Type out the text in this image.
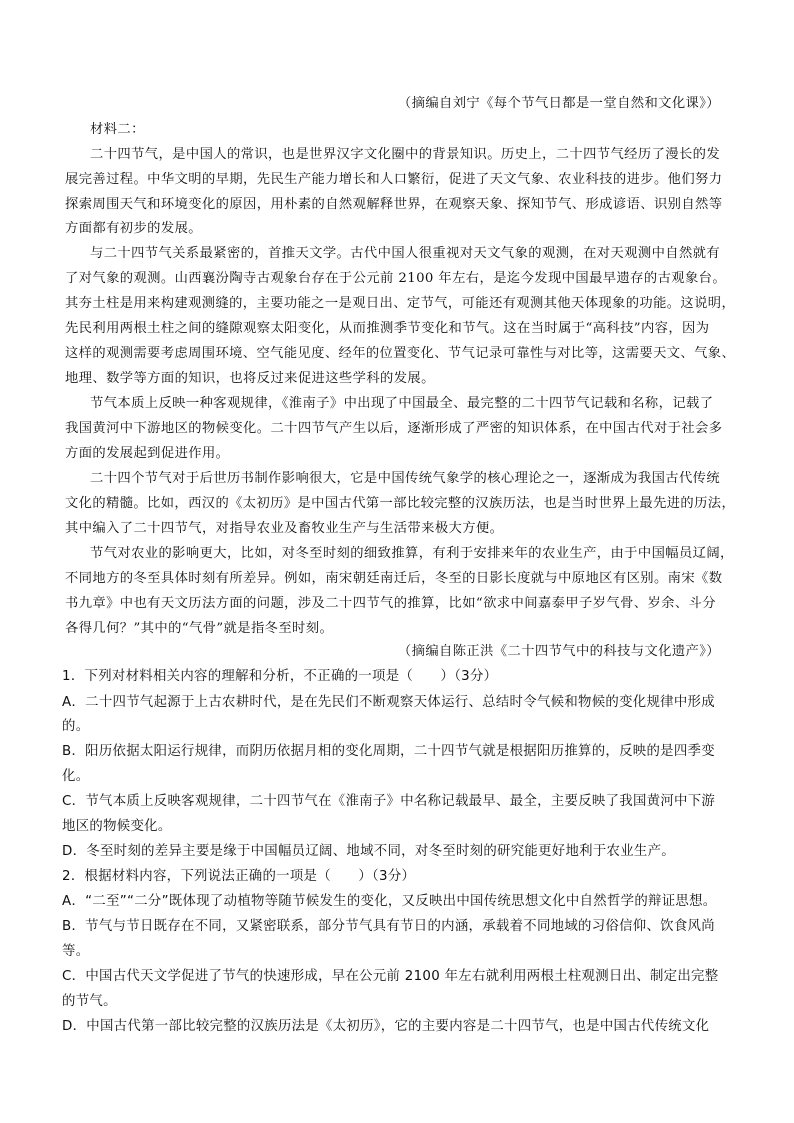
（摘编自刘宁《每个节气日都是一堂自然和文化课》）
材料二：
二十四节气，是中国人的常识，也是世界汉字文化圈中的背景知识。历史上，二十四节气经历了漫长的发
展完善过程。中华文明的早期，先民生产能力增长和人口繁衍，促进了天文气象、农业科技的进步。他们努力
探索周围天气和环境变化的原因，用朴素的自然观解释世界，在观察天象、探知节气、形成谚语、识别自然等
方面都有初步的发展。
与二十四节气关系最紧密的，首推天文学。古代中国人很重视对天文气象的观测，在对天观测中自然就有
了对气象的观测。山西襄汾陶寺古观象台存在于公元前 2100 年左右，是迄今发现中国最早遗存的古观象台。
其夯土柱是用来构建观测缝的，主要功能之一是观日出、定节气，可能还有观测其他天体现象的功能。这说明，
先民利用两根土柱之间的缝隙观察太阳变化，从而推测季节变化和节气。这在当时属于“高科技”内容，因为
这样的观测需要考虑周围环境、空气能见度、经年的位置变化、节气记录可靠性与对比等，这需要天文、气象、
地理、数学等方面的知识，也将反过来促进这些学科的发展。
节气本质上反映一种客观规律，《淮南子》中出现了中国最全、最完整的二十四节气记载和名称，记载了
我国黄河中下游地区的物候变化。二十四节气产生以后，逐渐形成了严密的知识体系，在中国古代对于社会多
方面的发展起到促进作用。
二十四个节气对于后世历书制作影响很大，它是中国传统气象学的核心理论之一，逐渐成为我国古代传统
文化的精髓。比如，西汉的《太初历》是中国古代第一部比较完整的汉族历法，也是当时世界上最先进的历法，
其中编入了二十四节气，对指导农业及畜牧业生产与生活带来极大方便。
节气对农业的影响更大，比如，对冬至时刻的细致推算，有利于安排来年的农业生产，由于中国幅员辽阔，
不同地方的冬至具体时刻有所差异。例如，南宋朝廷南迁后，冬至的日影长度就与中原地区有区别。南宋《数
书九章》中也有天文历法方面的问题，涉及二十四节气的推算，比如“欲求中间嘉泰甲子岁气骨、岁余、斗分
各得几何？”其中的“气骨”就是指冬至时刻。
（摘编自陈正洪《二十四节气中的科技与文化遗产》）
1．下列对材料相关内容的理解和分析，不正确的一项是（　　）（3分）
A．二十四节气起源于上古农耕时代，是在先民们不断观察天体运行、总结时令气候和物候的变化规律中形成
的。
B．阳历依据太阳运行规律，而阴历依据月相的变化周期，二十四节气就是根据阳历推算的，反映的是四季变
化。
C．节气本质上反映客观规律，二十四节气在《淮南子》中名称记载最早、最全，主要反映了我国黄河中下游
地区的物候变化。
D．冬至时刻的差异主要是缘于中国幅员辽阔、地域不同，对冬至时刻的研究能更好地利于农业生产。
2．根据材料内容，下列说法正确的一项是（　　）（3分）
A．“二至”“二分”既体现了动植物等随节候发生的变化，又反映出中国传统思想文化中自然哲学的辩证思想。
B．节气与节日既存在不同，又紧密联系，部分节气具有节日的内涵，承载着不同地域的习俗信仰、饮食风尚
等。
C．中国古代天文学促进了节气的快速形成，早在公元前 2100 年左右就利用两根土柱观测日出、制定出完整
的节气。
D．中国古代第一部比较完整的汉族历法是《太初历》，它的主要内容是二十四节气，也是中国古代传统文化
